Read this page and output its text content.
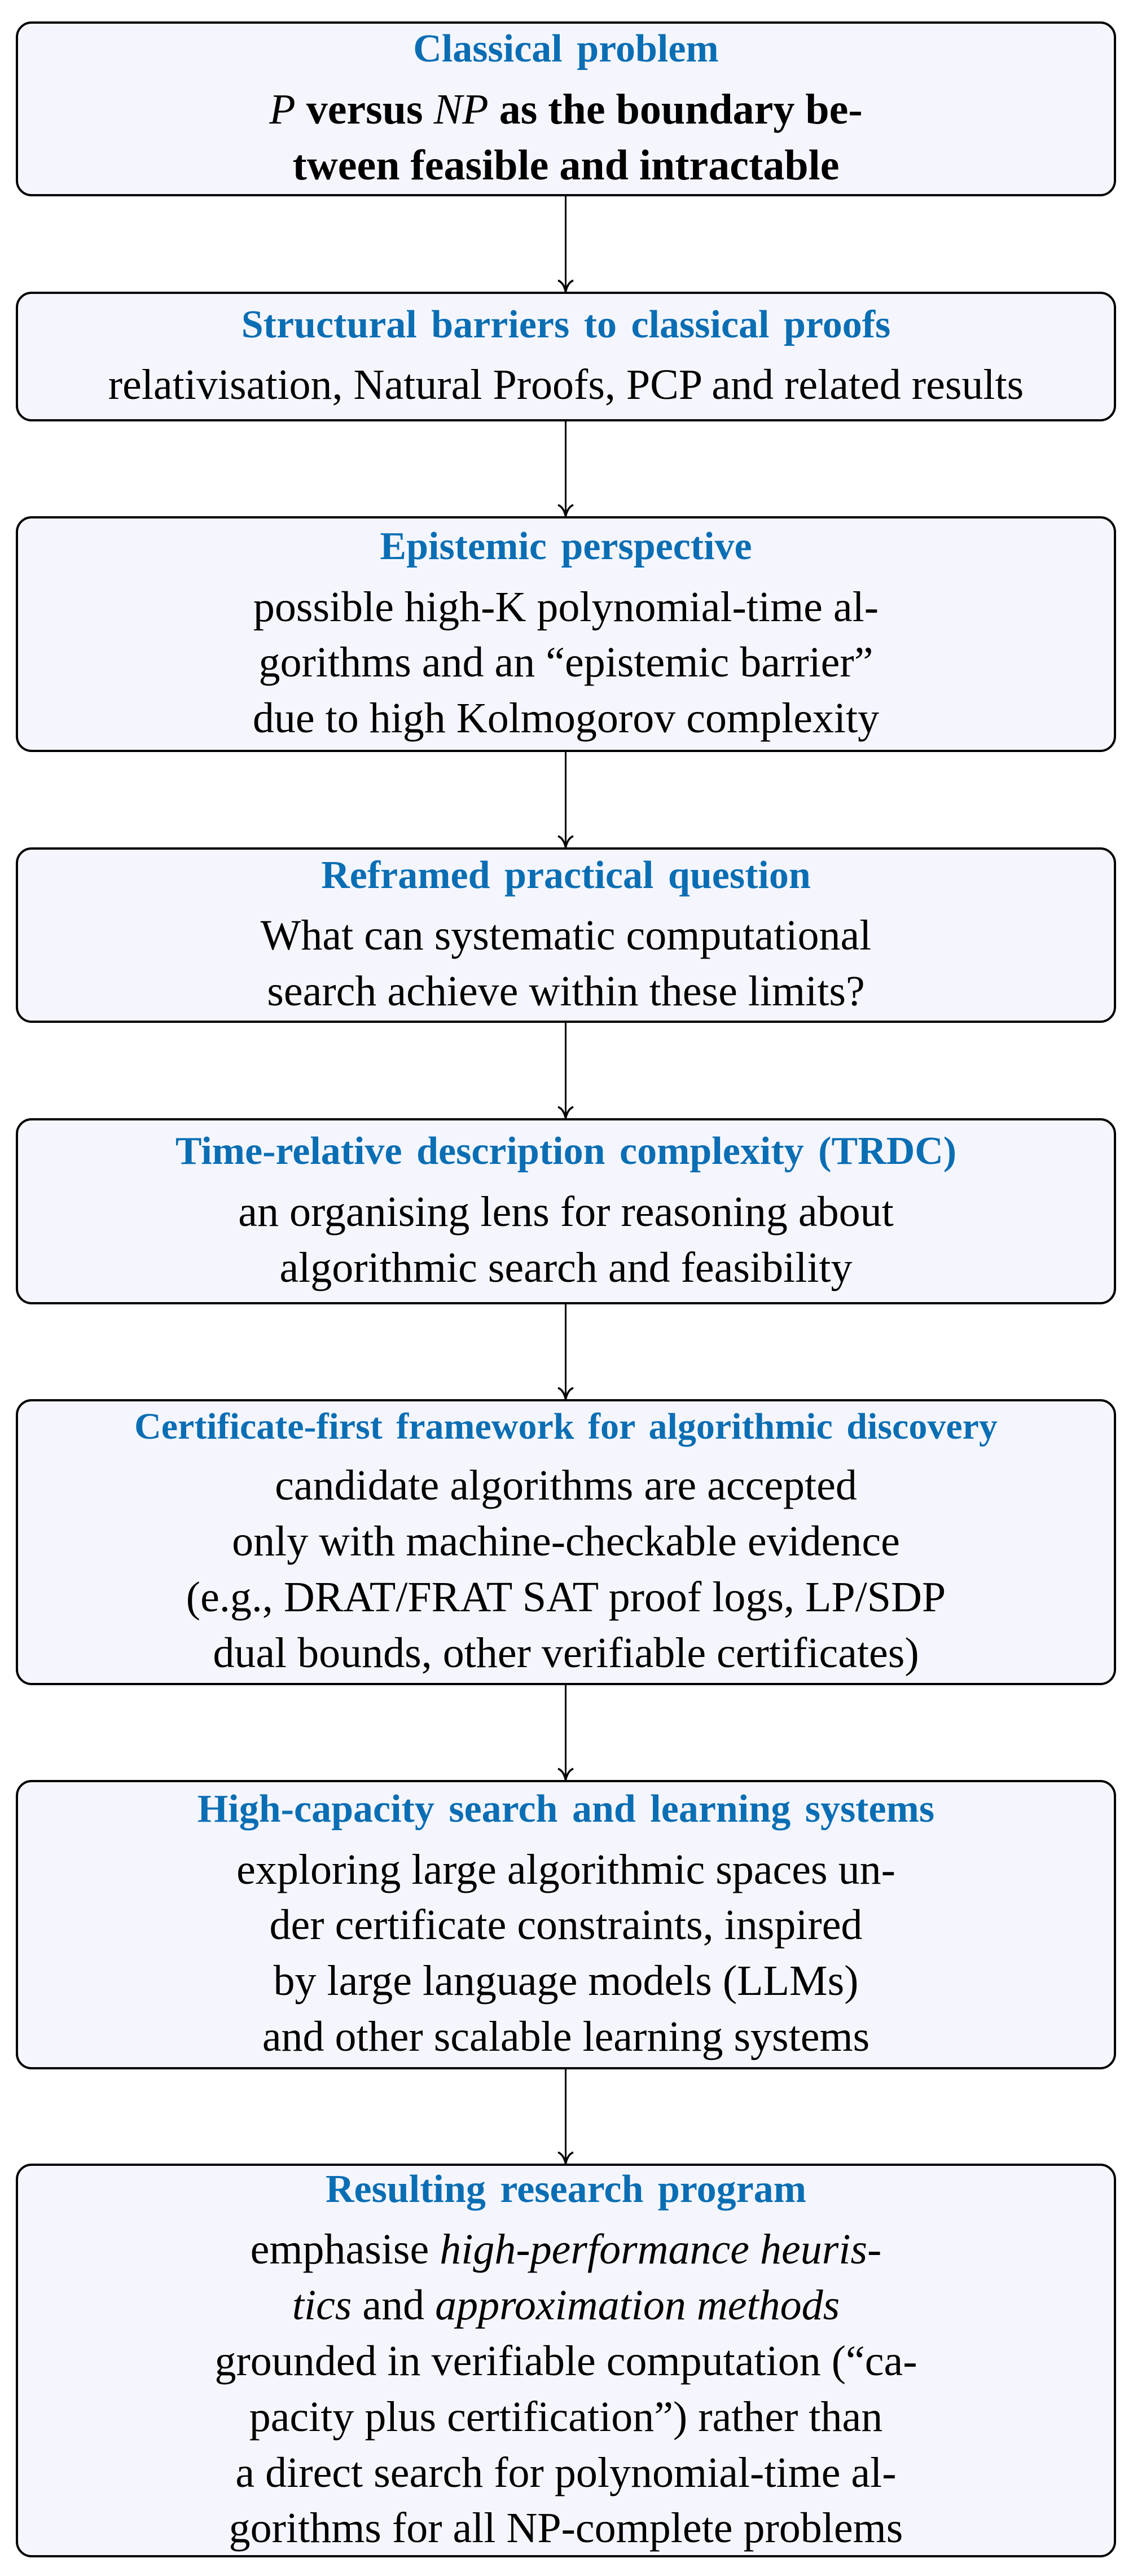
Classical problem
P versus NP as the boundary be-
tween feasible and intractable
Structural barriers to classical proofs
relativisation, Natural Proofs, PCP and related results
Epistemic perspective
possible high-K polynomial-time al-
gorithms and an “epistemic barrier”
due to high Kolmogorov complexity
Reframed practical question
What can systematic computational
search achieve within these limits?
Time-relative description complexity (TRDC)
an organising lens for reasoning about
algorithmic search and feasibility
Certificate-first framework for algorithmic discovery
candidate algorithms are accepted
only with machine-checkable evidence
(e.g., DRAT/FRAT SAT proof logs, LP/SDP
dual bounds, other verifiable certificates)
High-capacity search and learning systems
exploring large algorithmic spaces un-
der certificate constraints, inspired
by large language models (LLMs)
and other scalable learning systems
Resulting research program
emphasise high-performance heuris-
tics and approximation methods
grounded in verifiable computation (“ca-
pacity plus certification”) rather than
a direct search for polynomial-time al-
gorithms for all NP-complete problems
